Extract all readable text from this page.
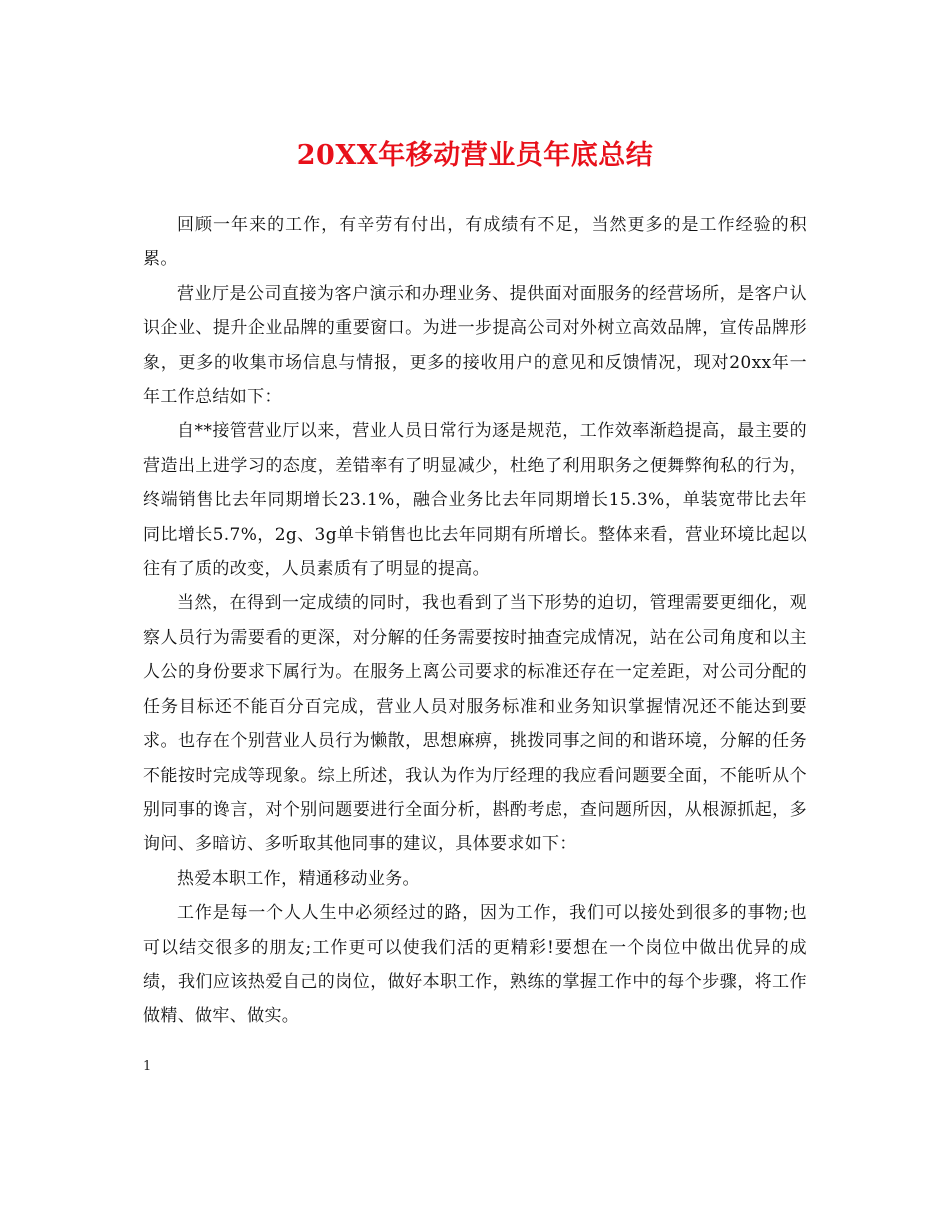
20XX年移动营业员年底总结

回顾一年来的工作，有辛劳有付出，有成绩有不足，当然更多的是工作经验的积累。

营业厅是公司直接为客户演示和办理业务、提供面对面服务的经营场所，是客户认识企业、提升企业品牌的重要窗口。为进一步提高公司对外树立高效品牌，宣传品牌形象，更多的收集市场信息与情报，更多的接收用户的意见和反馈情况，现对20xx年一年工作总结如下：

自**接管营业厅以来，营业人员日常行为逐是规范，工作效率渐趋提高，最主要的营造出上进学习的态度，差错率有了明显减少，杜绝了利用职务之便舞弊徇私的行为，终端销售比去年同期增长23.1%，融合业务比去年同期增长15.3%，单装宽带比去年同比增长5.7%，2g、3g单卡销售也比去年同期有所增长。整体来看，营业环境比起以往有了质的改变，人员素质有了明显的提高。

当然，在得到一定成绩的同时，我也看到了当下形势的迫切，管理需要更细化，观察人员行为需要看的更深，对分解的任务需要按时抽查完成情况，站在公司角度和以主人公的身份要求下属行为。在服务上离公司要求的标准还存在一定差距，对公司分配的任务目标还不能百分百完成，营业人员对服务标准和业务知识掌握情况还不能达到要求。也存在个别营业人员行为懒散，思想麻痹，挑拨同事之间的和谐环境，分解的任务不能按时完成等现象。综上所述，我认为作为厅经理的我应看问题要全面，不能听从个别同事的谗言，对个别问题要进行全面分析，斟酌考虑，查问题所因，从根源抓起，多询问、多暗访、多听取其他同事的建议，具体要求如下：

热爱本职工作，精通移动业务。

工作是每一个人人生中必须经过的路，因为工作，我们可以接处到很多的事物;也可以结交很多的朋友;工作更可以使我们活的更精彩!要想在一个岗位中做出优异的成绩，我们应该热爱自己的岗位，做好本职工作，熟练的掌握工作中的每个步骤，将工作做精、做牢、做实。

1
